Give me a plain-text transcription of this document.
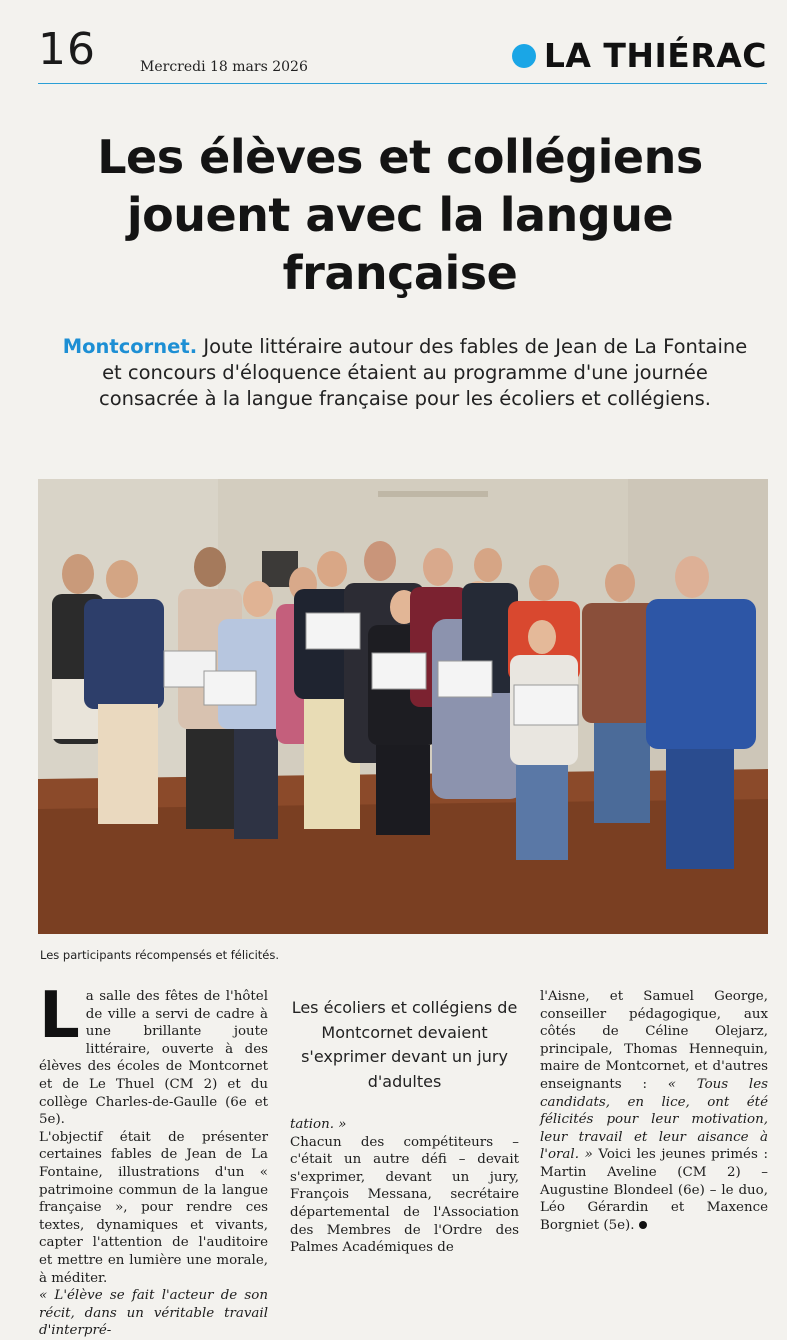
16	Mercredi 18 mars 2026	LA THIÉRAC
Les élèves et collégiens jouent avec la langue française
Montcornet. Joute littéraire autour des fables de Jean de La Fontaine et concours d'éloquence étaient au programme d'une journée consacrée à la langue française pour les écoliers et collégiens.
Les participants récompensés et félicités.
L a salle des fêtes de l'hôtel de ville a servi de cadre à une brillante joute littéraire, ouverte à des élèves des écoles de Montcornet et de Le Thuel (CM 2) et du collège Charles-de-Gaulle (6e et 5e).

L'objectif était de présenter certaines fables de Jean de La Fontaine, illustrations d'un « patrimoine commun de la langue française », pour rendre ces textes, dynamiques et vivants, capter l'attention de l'auditoire et mettre en lumière une morale, à méditer.

« L'élève se fait l'acteur de son récit, dans un véritable travail d'interpré-

Les écoliers et collégiens de Montcornet devaient s'exprimer devant un jury d'adultes

tation. »

Chacun des compétiteurs – c'était un autre défi – devait s'exprimer, devant un jury, François Messana, secrétaire départemental de l'Association des Membres de l'Ordre des Palmes Académiques de

l'Aisne, et Samuel George, conseiller pédagogique, aux côtés de Céline Olejarz, principale, Thomas Hennequin, maire de Montcornet, et d'autres enseignants : « Tous les candidats, en lice, ont été félicités pour leur motivation, leur travail et leur aisance à l'oral. » Voici les jeunes primés : Martin Aveline (CM 2) – Augustine Blondeel (6e) – le duo, Léo Gérardin et Maxence Borgniet (5e).
